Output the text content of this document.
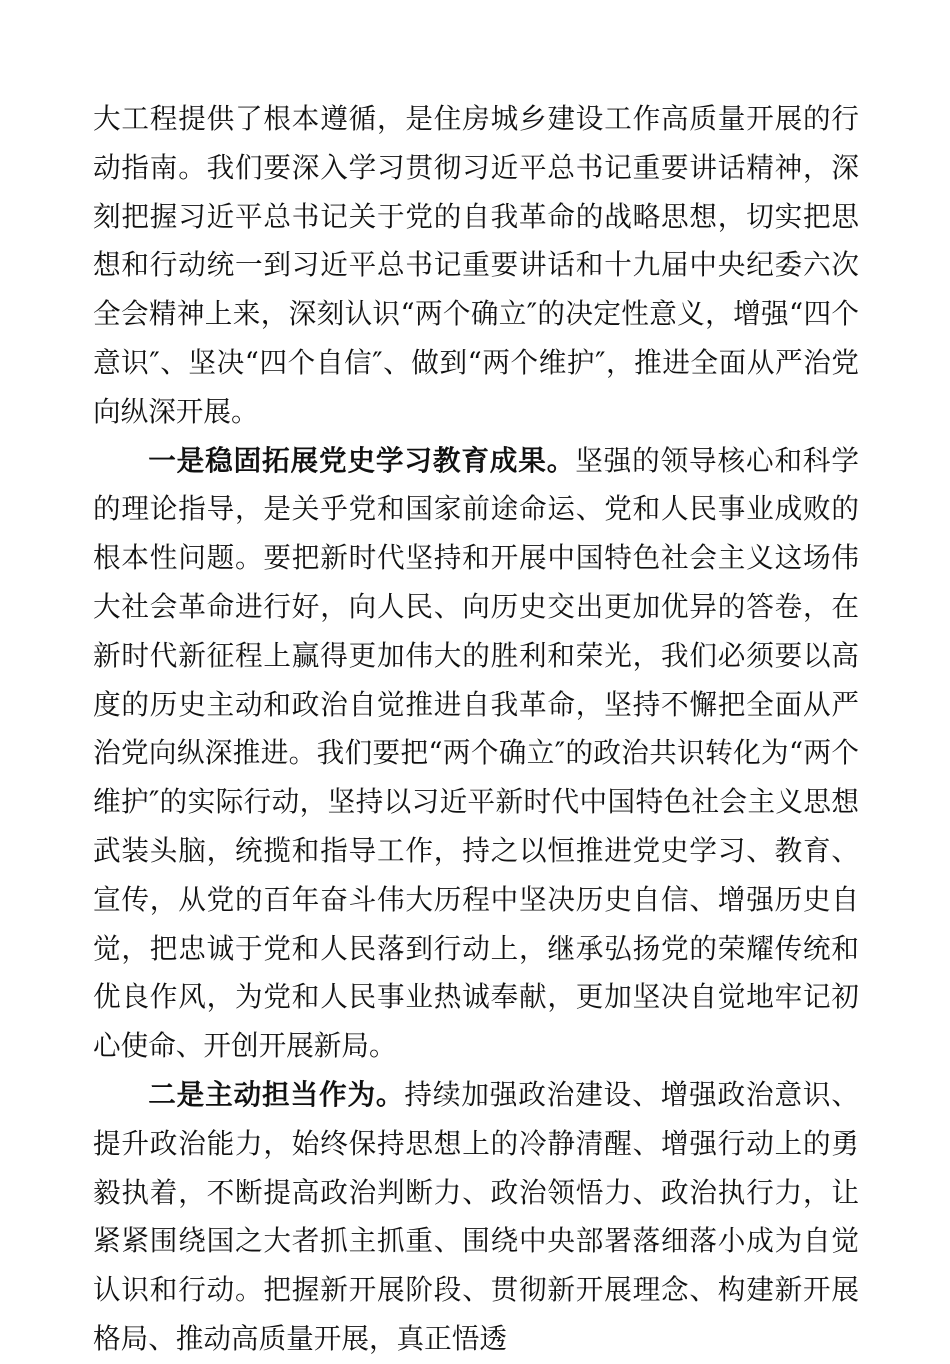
大工程提供了根本遵循，是住房城乡建设工作高质量开展的行动指南。我们要深入学习贯彻习近平总书记重要讲话精神，深刻把握习近平总书记关于党的自我革命的战略思想，切实把思想和行动统一到习近平总书记重要讲话和十九届中央纪委六次全会精神上来，深刻认识“两个确立″的决定性意义，增强“四个意识″、坚决“四个自信″、做到“两个维护″，推进全面从严治党向纵深开展。

一是稳固拓展党史学习教育成果。坚强的领导核心和科学的理论指导，是关乎党和国家前途命运、党和人民事业成败的根本性问题。要把新时代坚持和开展中国特色社会主义这场伟大社会革命进行好，向人民、向历史交出更加优异的答卷，在新时代新征程上赢得更加伟大的胜利和荣光，我们必须要以高度的历史主动和政治自觉推进自我革命，坚持不懈把全面从严治党向纵深推进。我们要把“两个确立″的政治共识转化为“两个维护″的实际行动，坚持以习近平新时代中国特色社会主义思想武装头脑，统揽和指导工作，持之以恒推进党史学习、教育、宣传，从党的百年奋斗伟大历程中坚决历史自信、增强历史自觉，把忠诚于党和人民落到行动上，继承弘扬党的荣耀传统和优良作风，为党和人民事业热诚奉献，更加坚决自觉地牢记初心使命、开创开展新局。

二是主动担当作为。持续加强政治建设、增强政治意识、提升政治能力，始终保持思想上的冷静清醒、增强行动上的勇毅执着，不断提高政治判断力、政治领悟力、政治执行力，让紧紧围绕国之大者抓主抓重、围绕中央部署落细落小成为自觉认识和行动。把握新开展阶段、贯彻新开展理念、构建新开展格局、推动高质量开展，真正悟透
